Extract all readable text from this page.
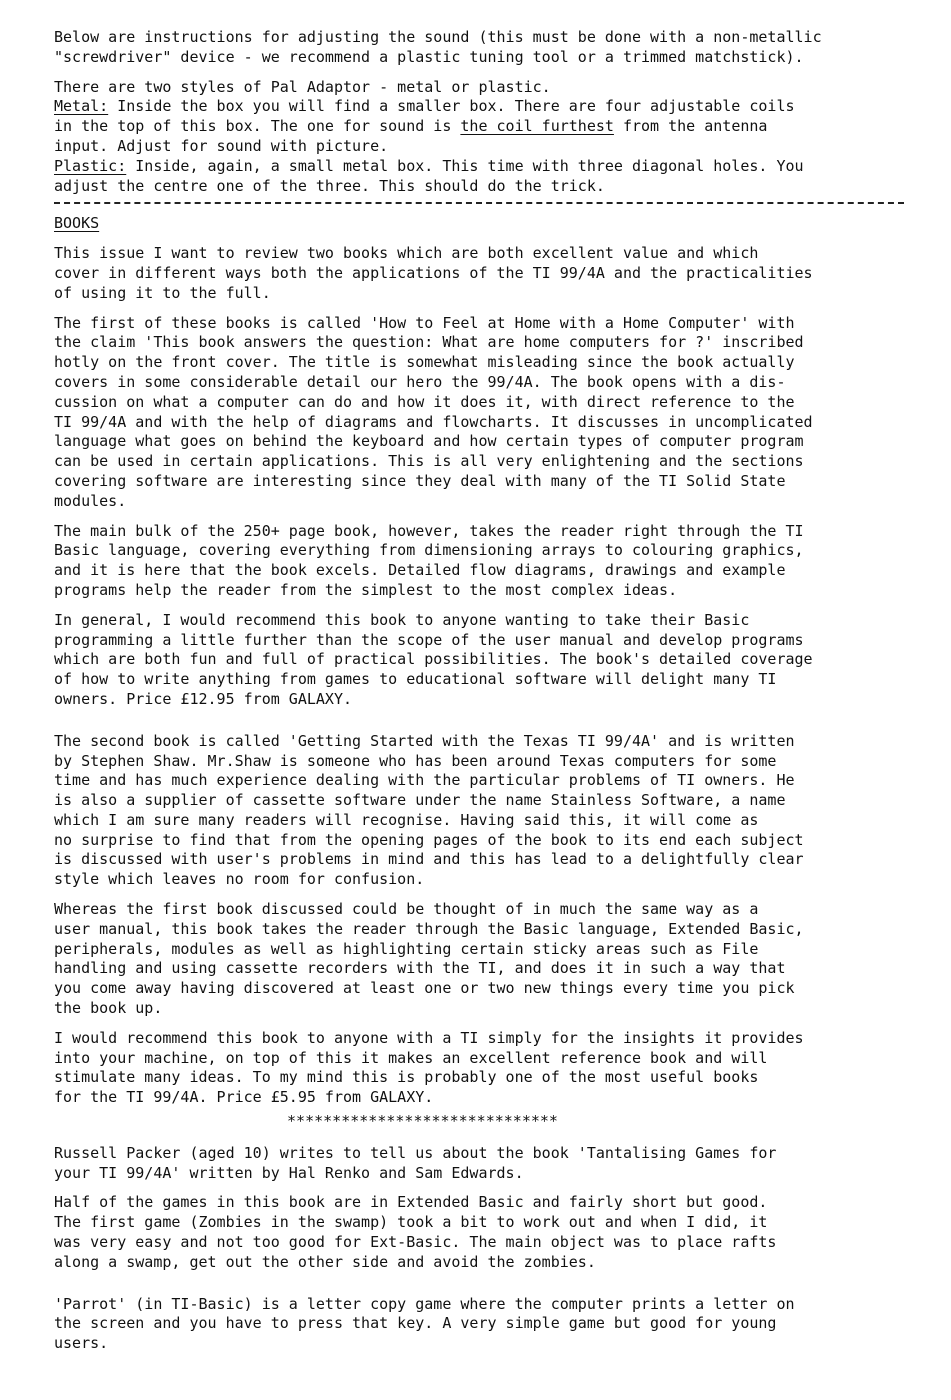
Below are instructions for adjusting the sound (this must be done with a non-metallic
"screwdriver" device - we recommend a plastic tuning tool or a trimmed matchstick).

There are two styles of Pal Adaptor - metal or plastic.
Metal: Inside the box you will find a smaller box. There are four adjustable coils
in the top of this box. The one for sound is the coil furthest from the antenna
input. Adjust for sound with picture.
Plastic: Inside, again, a small metal box. This time with three diagonal holes. You
adjust the centre one of the three. This should do the trick.

BOOKS

This issue I want to review two books which are both excellent value and which
cover in different ways both the applications of the TI 99/4A and the practicalities
of using it to the full.

The first of these books is called 'How to Feel at Home with a Home Computer' with
the claim 'This book answers the question: What are home computers for ?' inscribed
hotly on the front cover. The title is somewhat misleading since the book actually
covers in some considerable detail our hero the 99/4A. The book opens with a dis-
cussion on what a computer can do and how it does it, with direct reference to the
TI 99/4A and with the help of diagrams and flowcharts. It discusses in uncomplicated
language what goes on behind the keyboard and how certain types of computer program
can be used in certain applications. This is all very enlightening and the sections
covering software are interesting since they deal with many of the TI Solid State
modules.

The main bulk of the 250+ page book, however, takes the reader right through the TI
Basic language, covering everything from dimensioning arrays to colouring graphics,
and it is here that the book excels. Detailed flow diagrams, drawings and example
programs help the reader from the simplest to the most complex ideas.

In general, I would recommend this book to anyone wanting to take their Basic
programming a little further than the scope of the user manual and develop programs
which are both fun and full of practical possibilities. The book's detailed coverage
of how to write anything from games to educational software will delight many TI
owners. Price £12.95 from GALAXY.

The second book is called 'Getting Started with the Texas TI 99/4A' and is written
by Stephen Shaw. Mr.Shaw is someone who has been around Texas computers for some
time and has much experience dealing with the particular problems of TI owners. He
is also a supplier of cassette software under the name Stainless Software, a name
which I am sure many readers will recognise. Having said this, it will come as
no surprise to find that from the opening pages of the book to its end each subject
is discussed with user's problems in mind and this has lead to a delightfully clear
style which leaves no room for confusion.

Whereas the first book discussed could be thought of in much the same way as a
user manual, this book takes the reader through the Basic language, Extended Basic,
peripherals, modules as well as highlighting certain sticky areas such as File
handling and using cassette recorders with the TI, and does it in such a way that
you come away having discovered at least one or two new things every time you pick
the book up.

I would recommend this book to anyone with a TI simply for the insights it provides
into your machine, on top of this it makes an excellent reference book and will
stimulate many ideas. To my mind this is probably one of the most useful books
for the TI 99/4A. Price £5.95 from GALAXY.

******************************

Russell Packer (aged 10) writes to tell us about the book 'Tantalising Games for
your TI 99/4A' written by Hal Renko and Sam Edwards.

Half of the games in this book are in Extended Basic and fairly short but good.
The first game (Zombies in the swamp) took a bit to work out and when I did, it
was very easy and not too good for Ext-Basic. The main object was to place rafts
along a swamp, get out the other side and avoid the zombies.

'Parrot' (in TI-Basic) is a letter copy game where the computer prints a letter on
the screen and you have to press that key. A very simple game but good for young
users.
